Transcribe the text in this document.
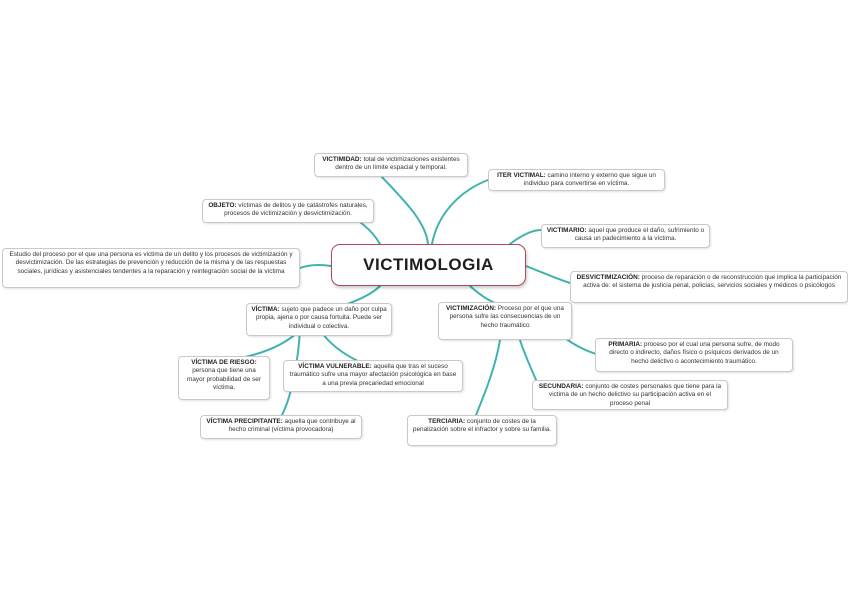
VICTIMIDAD: total de victimizaciones existentes dentro de un límite espacial y temporal.
ITER VICTIMAL: camino interno y externo que sigue un individuo para convertirse en víctima.
OBJETO: víctimas de delitos y de catástrofes naturales, procesos de victimización y desvictimización.
VICTIMARIO: aquel que produce el daño, sufrimiento o causa un padecimiento a la víctima.
Estudio del proceso por el que una persona es victima de un delito y los procesos de victimización y desvictimización. De las estrategias de prevención y reducción de la misma y de las respuestas sociales, jurídicas y asistenciales tendentes a la reparación y reintegración social de la víctima	VICTIMOLOGIA
DESVICTIMIZACIÓN: proceso de reparación o de reconstrucción que implica la participación activa de: el sistema de justicia penal, policías, servicios sociales y médicos o psicólogos
VÍCTIMA: sujeto que padece un daño por culpa propia, ajena o por causa fortuita. Puede ser individual o colectiva.
VICTIMIZACIÓN: Proceso por el que una persona sufre las consecuencias de un hecho traumático
PRIMARIA: proceso por el cual una persona sufre, de modo directo o indirecto, daños físico o psíquicos derivados de un hecho delictivo o acontecimiento traumático.
VÍCTIMA DE RIESGO: persona que tiene una mayor probabilidad de ser víctima.
VÍCTIMA VULNERABLE: aquella que tras el suceso traumático sufre una mayor afectación psicológica en base a una previa precariedad emocional	SECUNDARIA: conjunto de costes personales que tiene para la victima de un hecho delictivo su participación activa en el proceso penal
VÍCTIMA PRECIPITANTE: aquella que contribuye al hecho criminal (víctima provocadora)
TERCIARIA: conjunto de costes de la penalización sobre el infractor y sobre su familia.
